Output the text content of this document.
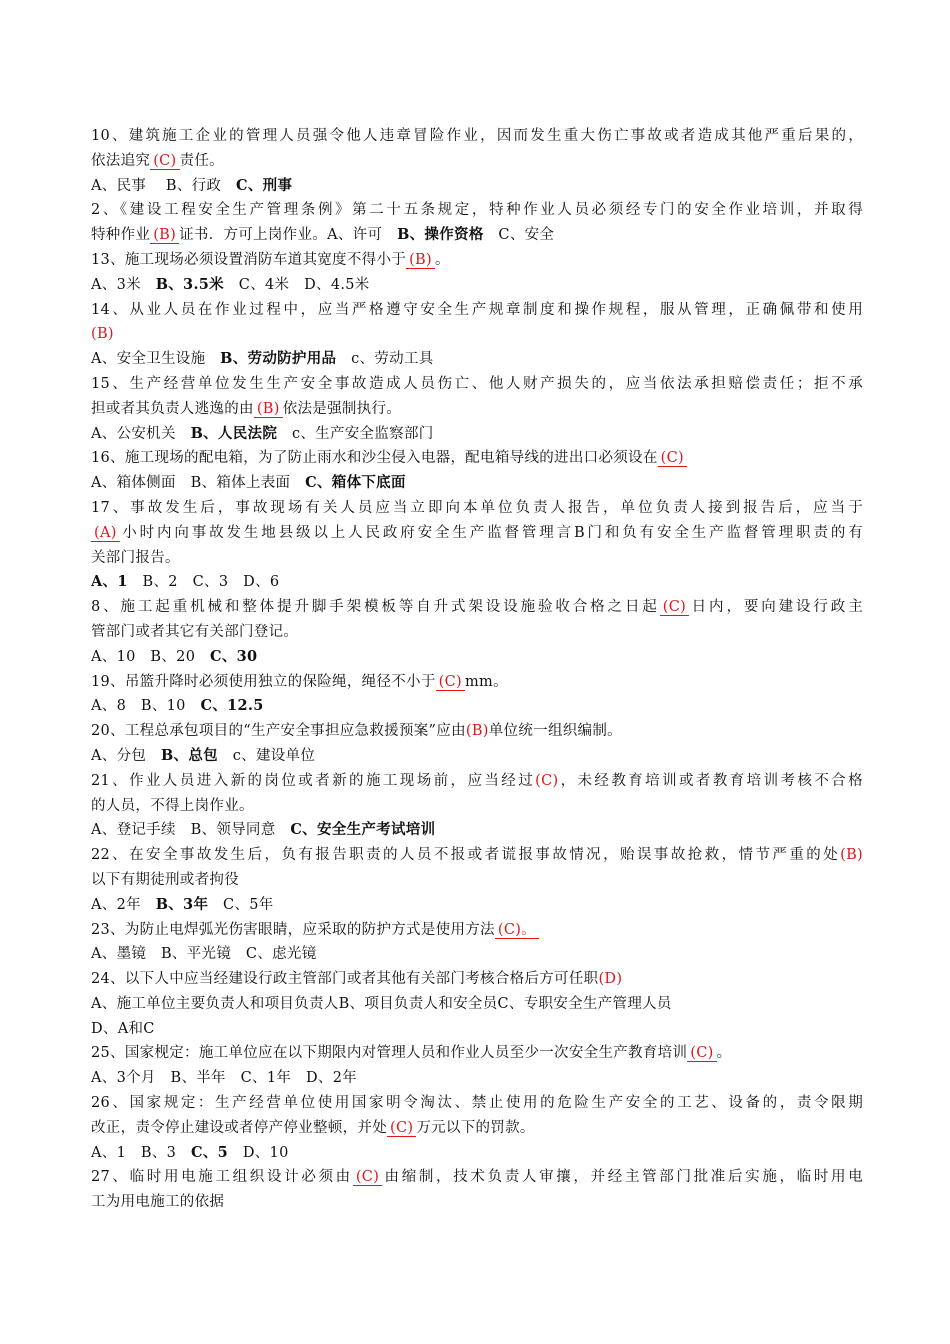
10、建筑施工企业的管理人员强令他人违章冒险作业，因而发生重大伤亡事故或者造成其他严重后果的，
依法追究 (C) 责任。
A、民事　 B、行政　C、刑事
2、《建设工程安全生产管理条例》第二十五条规定，特种作业人员必须经专门的安全作业培训，并取得
特种作业 (B) 证书．方可上岗作业。A、许可　B、操作资格　C、安全
13、施工现场必须设置消防车道其宽度不得小于 (B) 。
A、3米　B、3.5米　C、4米　D、4.5米
14、从业人员在作业过程中，应当严格遵守安全生产规章制度和操作规程，服从管理，正确佩带和使用
(B)
A、安全卫生设施　B、劳动防护用品　c、劳动工具
15、生产经营单位发生生产安全事故造成人员伤亡、他人财产损失的，应当依法承担赔偿责任；拒不承
担或者其负责人逃逸的由 (B) 依法是强制执行。
A、公安机关　B、人民法院　c、生产安全监察部门
16、施工现场的配电箱，为了防止雨水和沙尘侵入电器，配电箱导线的进出口必须设在 (C)
A、箱体侧面　B、箱体上表面　C、箱体下底面
17、事故发生后，事故现场有关人员应当立即向本单位负责人报告，单位负责人接到报告后，应当于
(A) 小时内向事故发生地县级以上人民政府安全生产监督管理言B门和负有安全生产监督管理职责的有
关部门报告。
A、1　B、2　C、3　D、6
8、施工起重机械和整体提升脚手架模板等自升式架设设施验收合格之日起 (C) 日内，要向建设行政主
管部门或者其它有关部门登记。
A、10　B、20　C、30
19、吊篮升降时必须使用独立的保险绳，绳径不小于 (C) mm。
A、8　B、10　C、12.5
20、工程总承包项目的“生产安全事担应急救援预案”应由(B)单位统一组织编制。
A、分包　B、总包　c、建设单位
21、作业人员进入新的岗位或者新的施工现场前，应当经过(C)，未经教育培训或者教育培训考核不合格
的人员，不得上岗作业。
A、登记手续　B、领导同意　C、安全生产考试培训
22、在安全事故发生后，负有报告职责的人员不报或者谎报事故情况，贻误事故抢救，情节严重的处(B)
以下有期徒刑或者拘役
A、2年　B、3年　C、5年
23、为防止电焊弧光伤害眼睛，应采取的防护方式是使用方法 (C)。
A、墨镜　B、平光镜　C、虑光镜
24、以下人中应当经建设行政主管部门或者其他有关部门考核合格后方可任职(D)
A、施工单位主要负责人和项目负责人B、项目负责人和安全员C、专职安全生产管理人员
D、A和C
25、国家枧定：施工单位应在以下期限内对管理人员和作业人员至少一次安全生产教育培训 (C) 。
A、3个月　B、半年　C、1年　D、2年
26、国家规定：生产经营单位使用国家明令淘汰、禁止使用的危险生产安全的工艺、设备的，责令限期
改正，责令停止建设或者停产停业整顿，并处 (C) 万元以下的罚款。
A、1　B、3　C、5　D、10
27、临时用电施工组织设计必须由 (C) 由缩制，技术负责人审攘，并经主管部门批准后实施，临时用电
工为用电施工的依据
